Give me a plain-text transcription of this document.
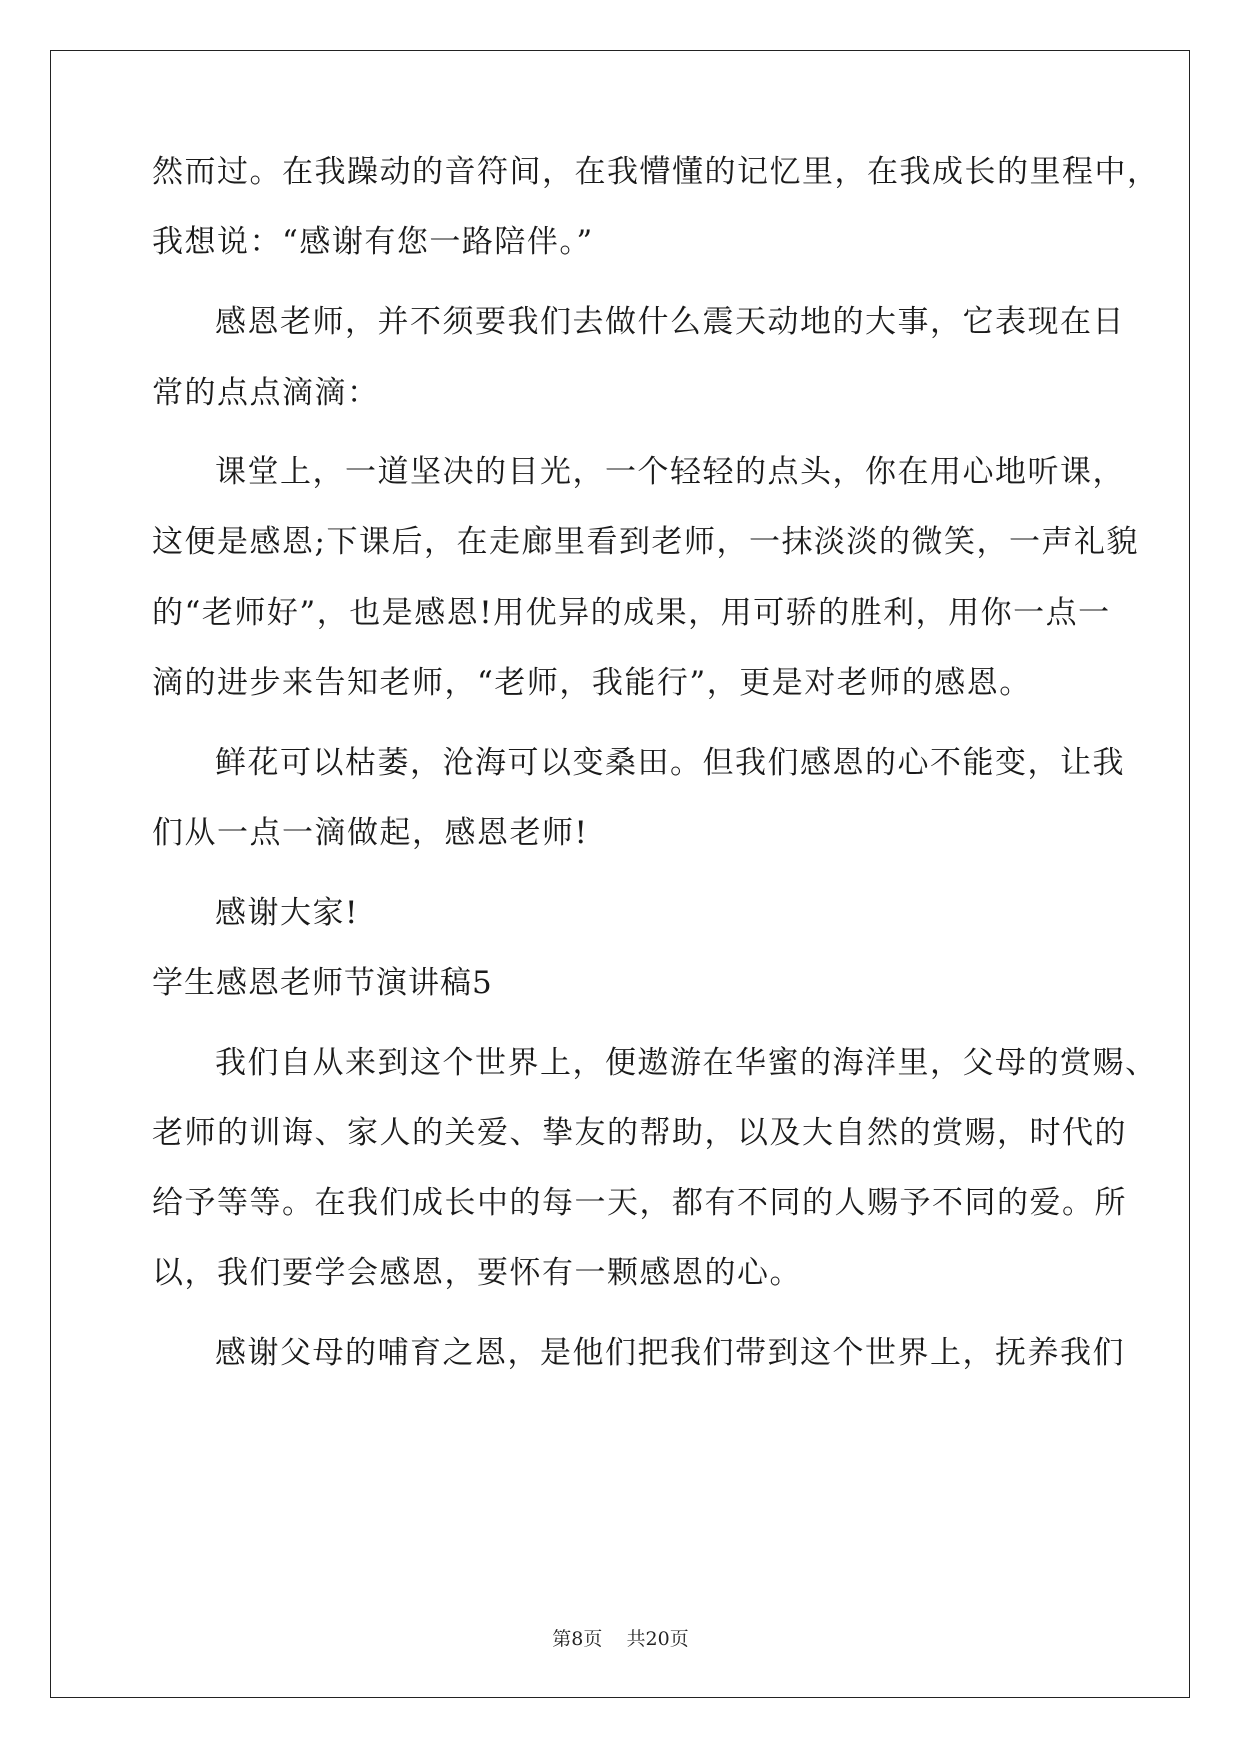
然而过。在我躁动的音符间，在我懵懂的记忆里，在我成长的里程中，
我想说：“感谢有您一路陪伴。”
感恩老师，并不须要我们去做什么震天动地的大事，它表现在日
常的点点滴滴：
课堂上，一道坚决的目光，一个轻轻的点头，你在用心地听课，
这便是感恩;下课后，在走廊里看到老师，一抹淡淡的微笑，一声礼貌
的“老师好”，也是感恩!用优异的成果，用可骄的胜利，用你一点一
滴的进步来告知老师，“老师，我能行”，更是对老师的感恩。
鲜花可以枯萎，沧海可以变桑田。但我们感恩的心不能变，让我
们从一点一滴做起，感恩老师!
感谢大家!
学生感恩老师节演讲稿5
我们自从来到这个世界上，便遨游在华蜜的海洋里，父母的赏赐、
老师的训诲、家人的关爱、挚友的帮助，以及大自然的赏赐，时代的
给予等等。在我们成长中的每一天，都有不同的人赐予不同的爱。所
以，我们要学会感恩，要怀有一颗感恩的心。
感谢父母的哺育之恩，是他们把我们带到这个世界上，抚养我们
第8页 共20页
